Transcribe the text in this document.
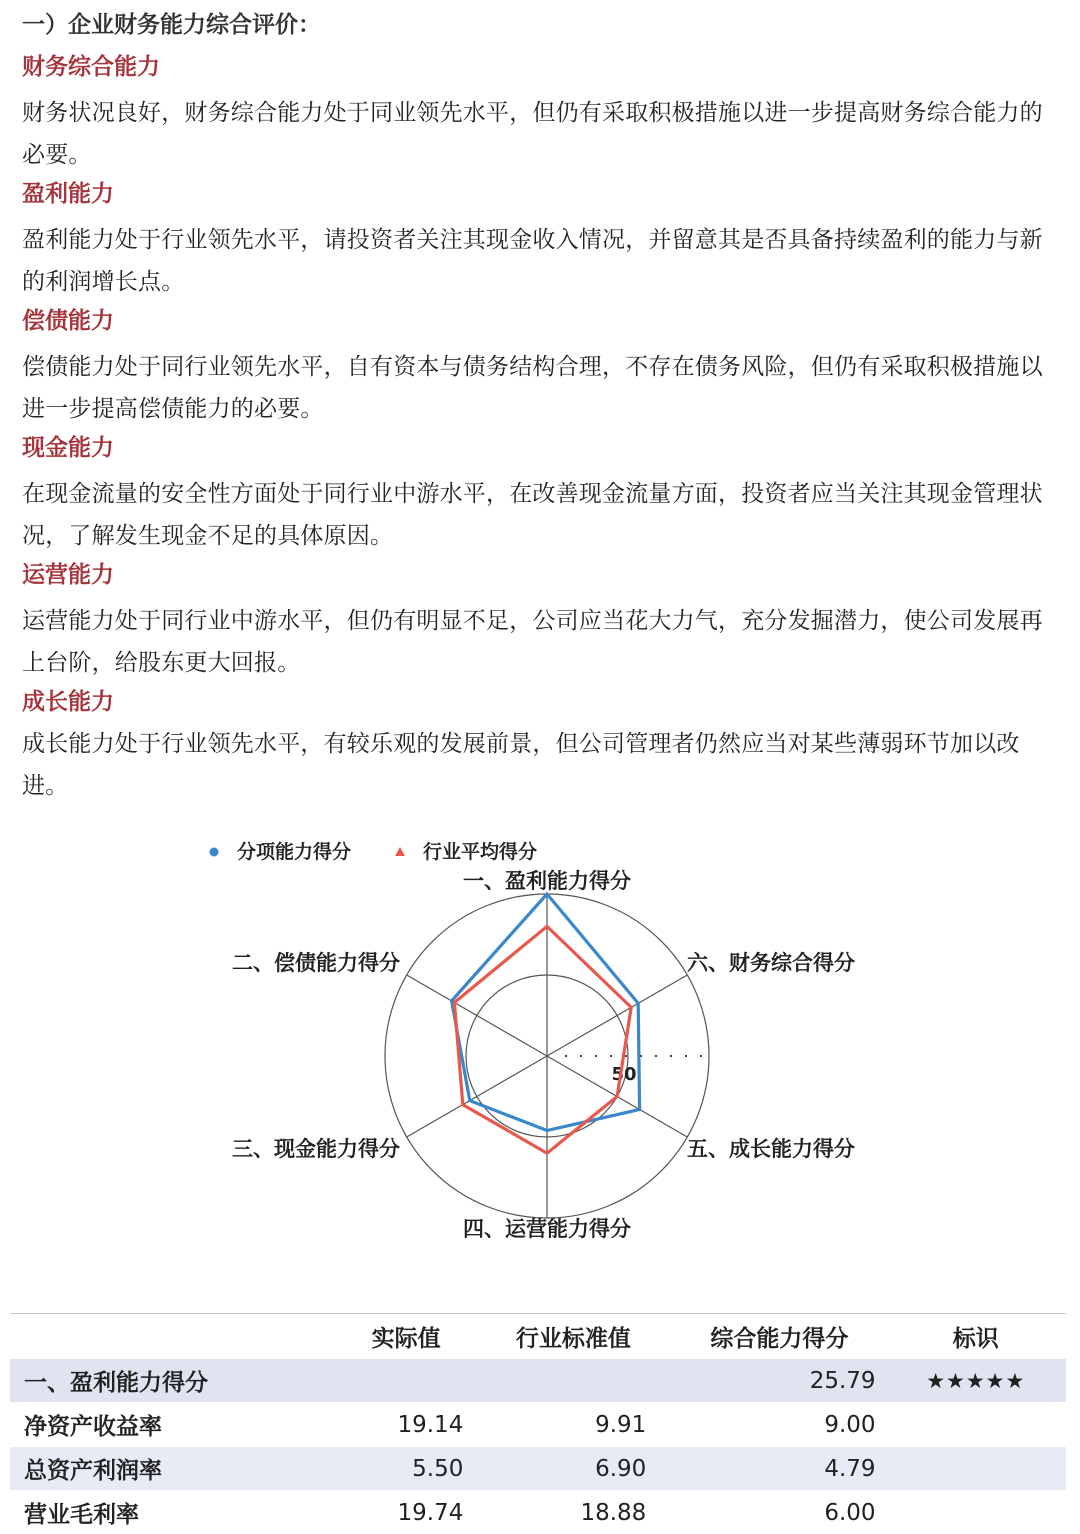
一）企业财务能力综合评价：
财务综合能力

财务状况良好，财务综合能力处于同业领先水平，但仍有采取积极措施以进一步提高财务综合能力的必要。

盈利能力

盈利能力处于行业领先水平，请投资者关注其现金收入情况，并留意其是否具备持续盈利的能力与新的利润增长点。

偿债能力

偿债能力处于同行业领先水平，自有资本与债务结构合理，不存在债务风险，但仍有采取积极措施以进一步提高偿债能力的必要。

现金能力

在现金流量的安全性方面处于同行业中游水平，在改善现金流量方面，投资者应当关注其现金管理状况，了解发生现金不足的具体原因。

运营能力

运营能力处于同行业中游水平，但仍有明显不足，公司应当花大力气，充分发掘潜力，使公司发展再上台阶，给股东更大回报。

成长能力

成长能力处于行业领先水平，有较乐观的发展前景，但公司管理者仍然应当对某些薄弱环节加以改进。

50
一、盈利能力得分
六、财务综合得分
五、成长能力得分
四、运营能力得分
三、现金能力得分
二、偿债能力得分
分项能力得分	行业平均得分
	实际值	行业标准值	综合能力得分	标识
一、盈利能力得分			25.79	★★★★★
净资产收益率	19.14	9.91	9.00	
总资产利润率	5.50	6.90	4.79	
营业毛利率	19.74	18.88	6.00	
